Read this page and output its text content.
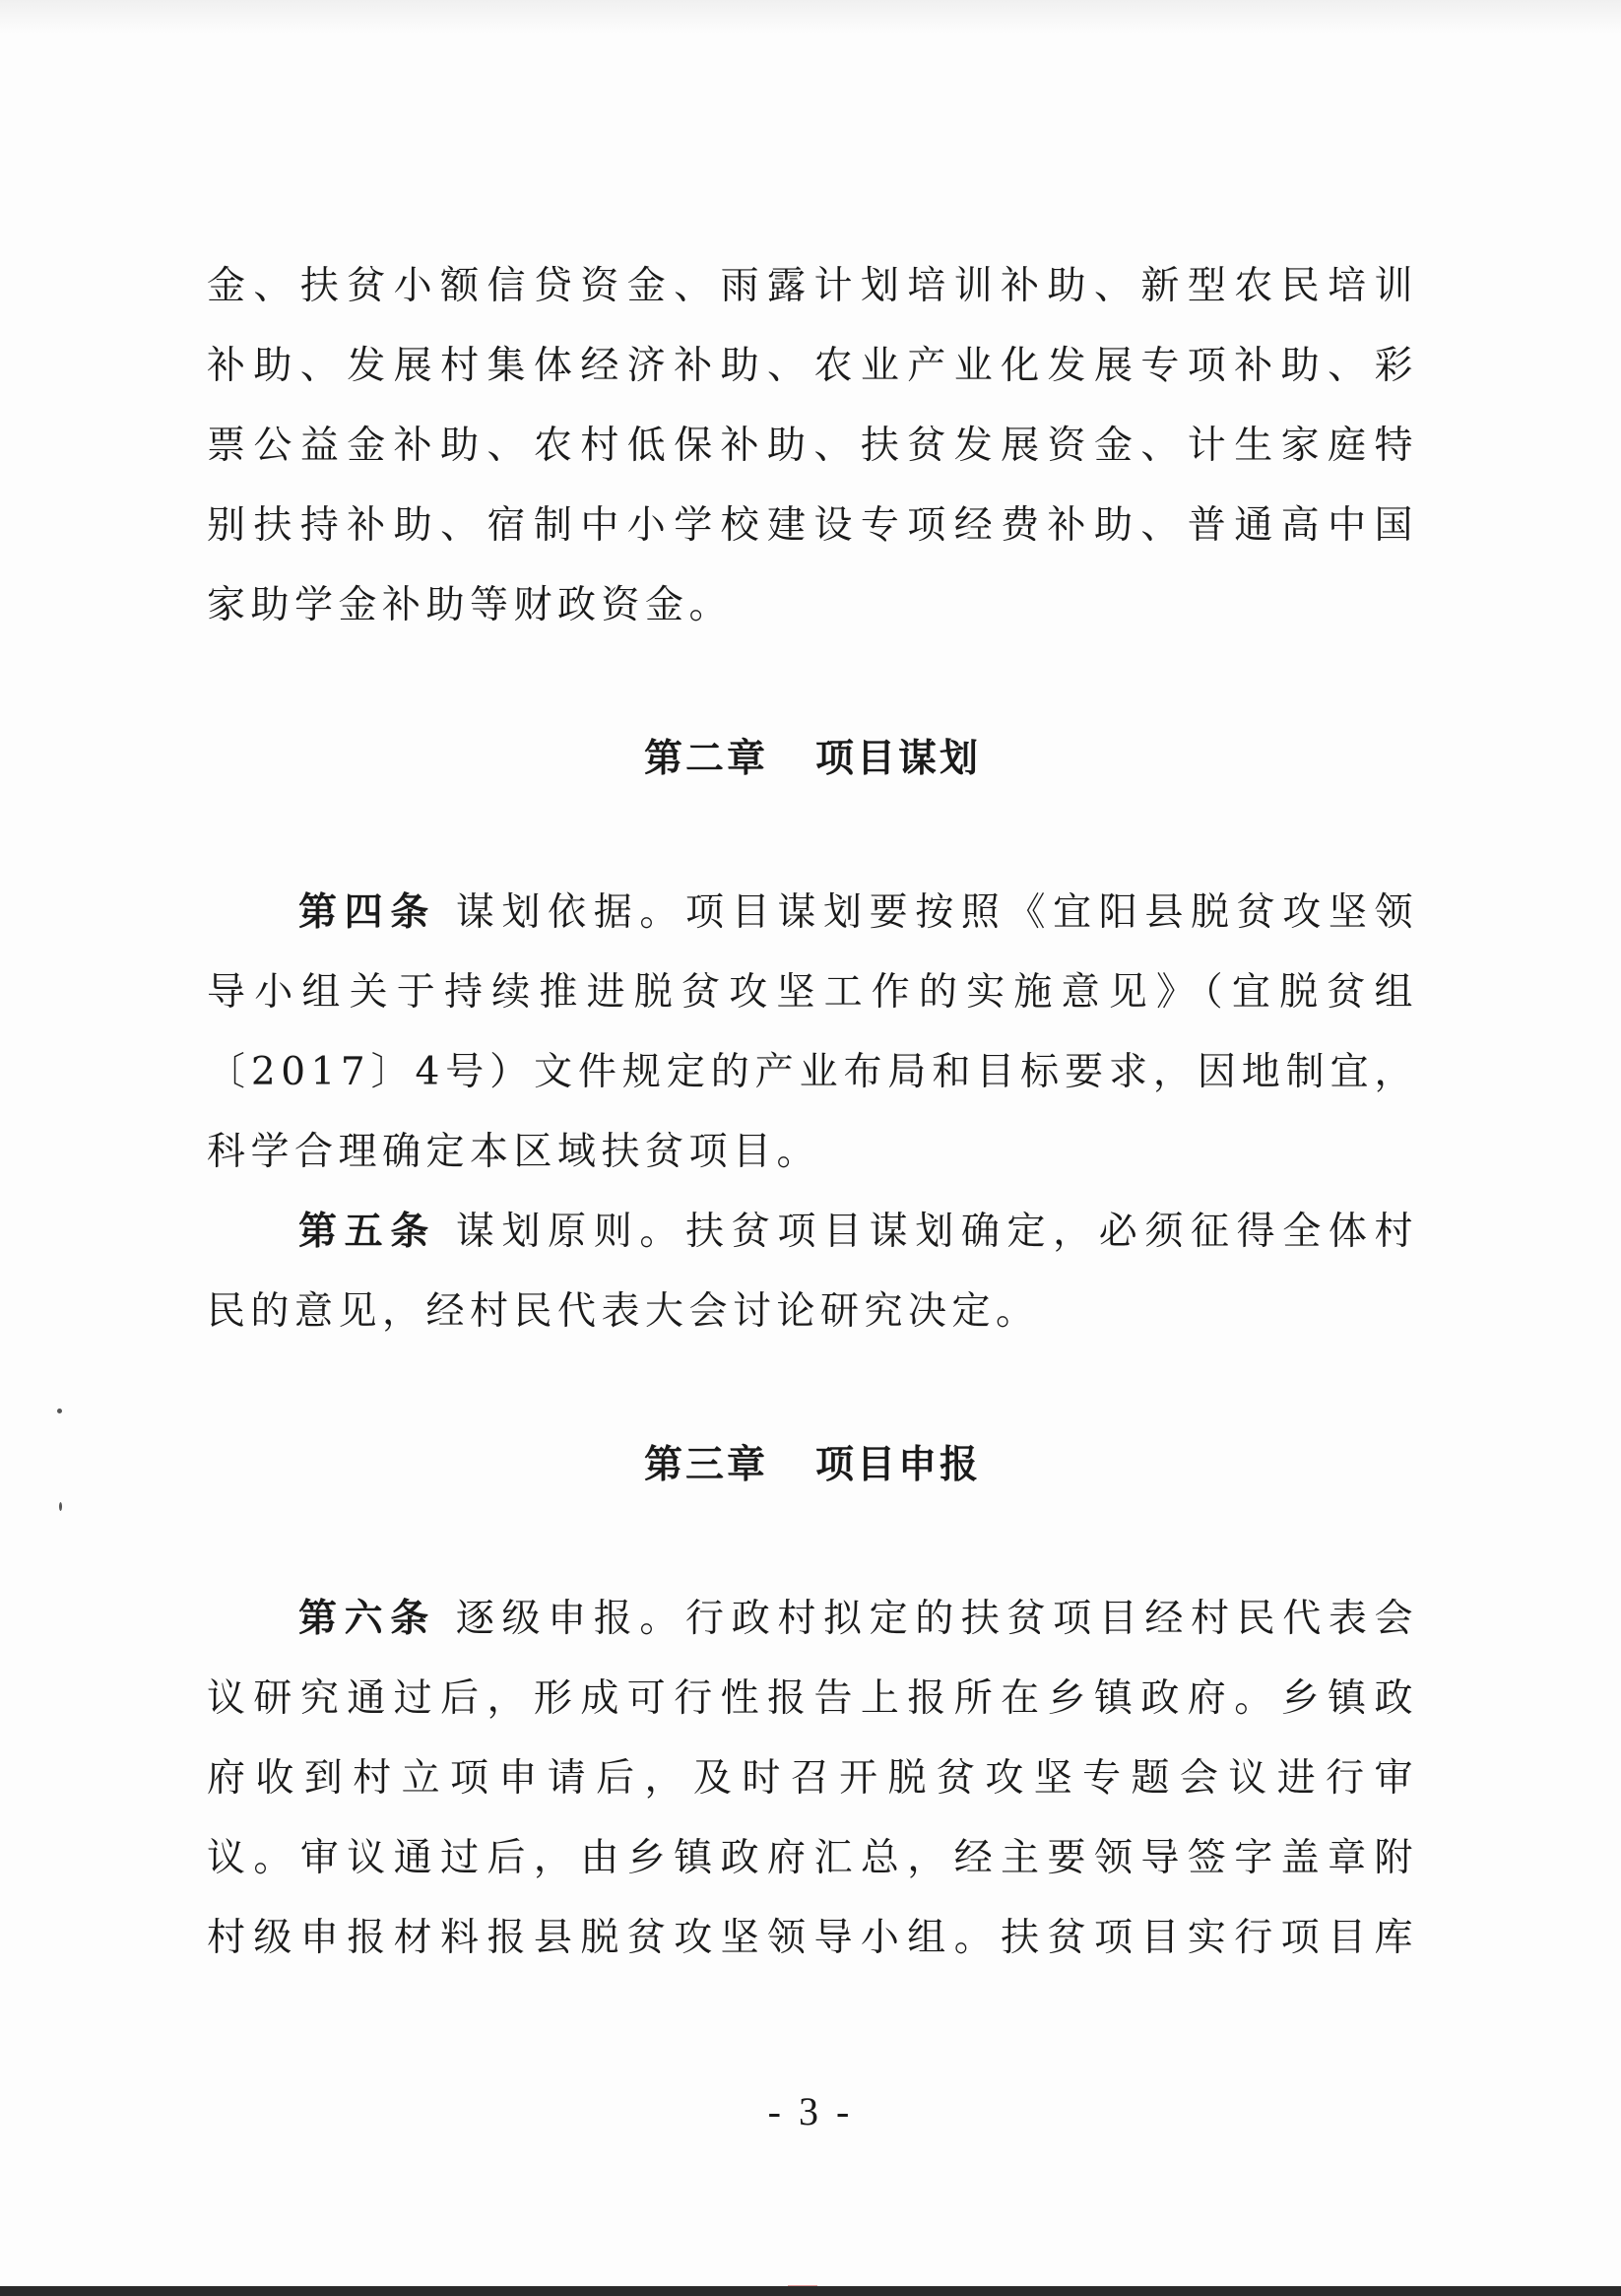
金、扶贫小额信贷资金、雨露计划培训补助、新型农民培训
补助、发展村集体经济补助、农业产业化发展专项补助、彩
票公益金补助、农村低保补助、扶贫发展资金、计生家庭特
别扶持补助、宿制中小学校建设专项经费补助、普通高中国
家助学金补助等财政资金。
第二章 项目谋划
第四条 谋划依据。项目谋划要按照《宜阳县脱贫攻坚领
导小组关于持续推进脱贫攻坚工作的实施意见》（宜脱贫组
〔2017〕4号）文件规定的产业布局和目标要求，因地制宜，
科学合理确定本区域扶贫项目。
第五条 谋划原则。扶贫项目谋划确定，必须征得全体村
民的意见，经村民代表大会讨论研究决定。
第三章 项目申报
第六条 逐级申报。行政村拟定的扶贫项目经村民代表会
议研究通过后，形成可行性报告上报所在乡镇政府。乡镇政
府收到村立项申请后，及时召开脱贫攻坚专题会议进行审
议。审议通过后，由乡镇政府汇总，经主要领导签字盖章附
村级申报材料报县脱贫攻坚领导小组。扶贫项目实行项目库
- 3 -
